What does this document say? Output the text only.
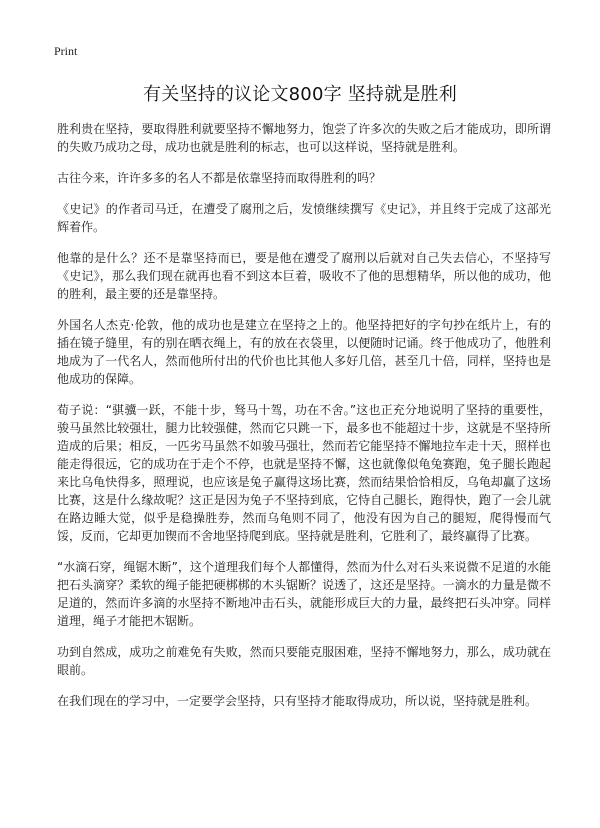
Print
有关坚持的议论文800字 坚持就是胜利

胜利贵在坚持，要取得胜利就要坚持不懈地努力，饱尝了许多次的失败之后才能成功，即所谓的失败乃成功之母，成功也就是胜利的标志，也可以这样说，坚持就是胜利。

古往今来，许许多多的名人不都是依靠坚持而取得胜利的吗？

《史记》的作者司马迁，在遭受了腐刑之后，发愤继续撰写《史记》，并且终于完成了这部光辉着作。

他靠的是什么？还不是靠坚持而已，要是他在遭受了腐刑以后就对自己失去信心，不坚持写《史记》，那么我们现在就再也看不到这本巨着，吸收不了他的思想精华，所以他的成功，他的胜利，最主要的还是靠坚持。

外国名人杰克·伦敦，他的成功也是建立在坚持之上的。他坚持把好的字句抄在纸片上，有的插在镜子缝里，有的别在晒衣绳上，有的放在衣袋里，以便随时记诵。终于他成功了，他胜利地成为了一代名人，然而他所付出的代价也比其他人多好几倍，甚至几十倍，同样，坚持也是他成功的保障。

荀子说：“骐骥一跃，不能十步，驽马十驾，功在不舍。”这也正充分地说明了坚持的重要性，骏马虽然比较强壮，腿力比较强健，然而它只跳一下，最多也不能超过十步，这就是不坚持所造成的后果；相反，一匹劣马虽然不如骏马强壮，然而若它能坚持不懈地拉车走十天，照样也能走得很远，它的成功在于走个不停，也就是坚持不懈，这也就像似龟兔赛跑，兔子腿长跑起来比乌龟快得多，照理说，也应该是兔子赢得这场比赛，然而结果恰恰相反，乌龟却赢了这场比赛，这是什么缘故呢？这正是因为兔子不坚持到底，它恃自己腿长，跑得快，跑了一会儿就在路边睡大觉，似乎是稳操胜券，然而乌龟则不同了，他没有因为自己的腿短，爬得慢而气馁，反而，它却更加锲而不舍地坚持爬到底。坚持就是胜利，它胜利了，最终赢得了比赛。

“水滴石穿，绳锯木断”，这个道理我们每个人都懂得，然而为什么对石头来说微不足道的水能把石头滴穿？柔软的绳子能把硬梆梆的木头锯断？说透了，这还是坚持。一滴水的力量是微不足道的，然而许多滴的水坚持不断地冲击石头，就能形成巨大的力量，最终把石头冲穿。同样道理，绳子才能把木锯断。

功到自然成，成功之前难免有失败，然而只要能克服困难，坚持不懈地努力，那么，成功就在眼前。

在我们现在的学习中，一定要学会坚持，只有坚持才能取得成功，所以说，坚持就是胜利。
